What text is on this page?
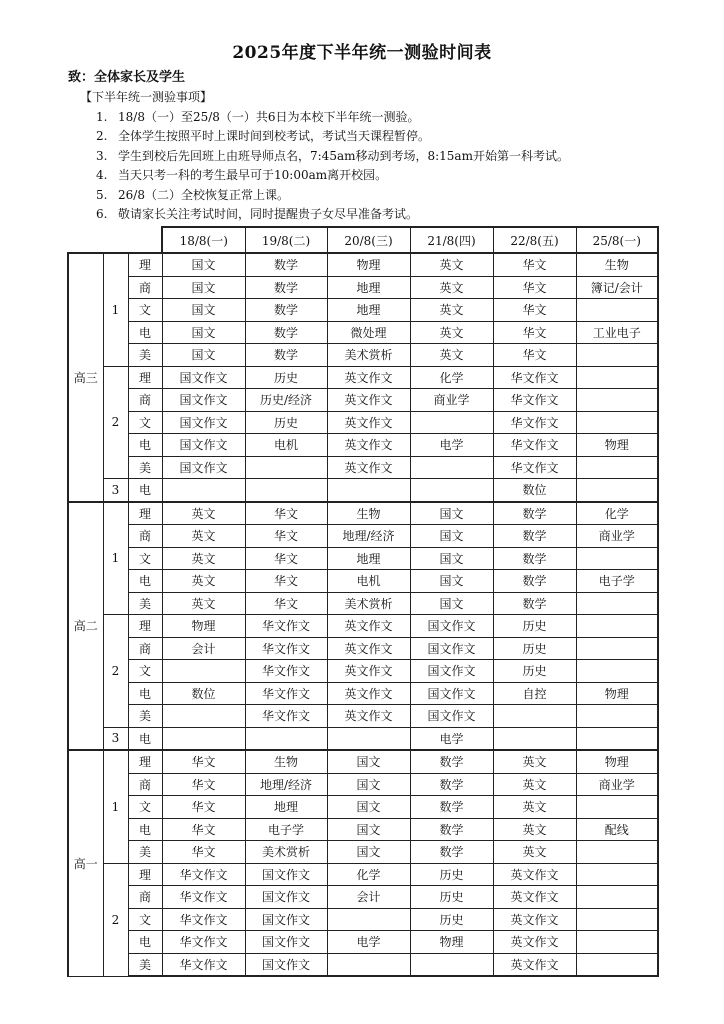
2025年度下半年统一测验时间表
致：全体家长及学生
【下半年统一测验事项】
1. 18/8（一）至25/8（一）共6日为本校下半年统一测验。
2. 全体学生按照平时上课时间到校考试，考试当天课程暂停。
3. 学生到校后先回班上由班导师点名，7:45am移动到考场，8:15am开始第一科考试。
4. 当天只考一科的考生最早可于10:00am离开校园。
5. 26/8（二）全校恢复正常上课。
6. 敬请家长关注考试时间，同时提醒贵子女尽早准备考试。
			18/8(一)	19/8(二)	20/8(三)	21/8(四)	22/8(五)	25/8(一)
高三	1	理	国文	数学	物理	英文	华文	生物
		商	国文	数学	地理	英文	华文	簿记/会计
		文	国文	数学	地理	英文	华文	
		电	国文	数学	微处理	英文	华文	工业电子
		美	国文	数学	美术赏析	英文	华文	
	2	理	国文作文	历史	英文作文	化学	华文作文	
		商	国文作文	历史/经济	英文作文	商业学	华文作文	
		文	国文作文	历史	英文作文		华文作文	
		电	国文作文	电机	英文作文	电学	华文作文	物理
		美	国文作文		英文作文		华文作文	
	3	电					数位	
高二	1	理	英文	华文	生物	国文	数学	化学
		商	英文	华文	地理/经济	国文	数学	商业学
		文	英文	华文	地理	国文	数学	
		电	英文	华文	电机	国文	数学	电子学
		美	英文	华文	美术赏析	国文	数学	
	2	理	物理	华文作文	英文作文	国文作文	历史	
		商	会计	华文作文	英文作文	国文作文	历史	
		文		华文作文	英文作文	国文作文	历史	
		电	数位	华文作文	英文作文	国文作文	自控	物理
		美		华文作文	英文作文	国文作文		
	3	电				电学		
高一	1	理	华文	生物	国文	数学	英文	物理
		商	华文	地理/经济	国文	数学	英文	商业学
		文	华文	地理	国文	数学	英文	
		电	华文	电子学	国文	数学	英文	配线
		美	华文	美术赏析	国文	数学	英文	
	2	理	华文作文	国文作文	化学	历史	英文作文	
		商	华文作文	国文作文	会计	历史	英文作文	
		文	华文作文	国文作文		历史	英文作文	
		电	华文作文	国文作文	电学	物理	英文作文	
		美	华文作文	国文作文			英文作文	
